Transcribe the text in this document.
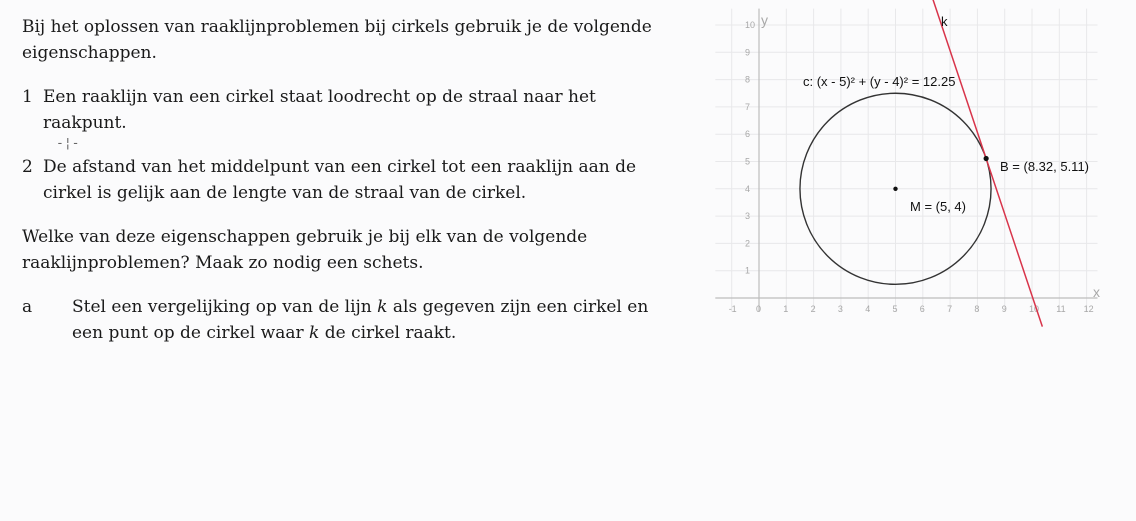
Bij het oplossen van raaklijnproblemen bij cirkels gebruik je de volgende eigenschappen.

1 Een raaklijn van een cirkel staat loodrecht op de straal naar het raakpunt.
2 De afstand van het middelpunt van een cirkel tot een raaklijn aan de cirkel is gelijk aan de lengte van de straal van de cirkel.

Welke van deze eigenschappen gebruik je bij elk van de volgende raaklijnproblemen? Maak zo nodig een schets.

a	Stel een vergelijking op van de lijn k als gegeven zijn een cirkel en een punt op de cirkel waar k de cirkel raakt.
-¦-
-1 0 1 2 3 4 5 6 7 8 9 10 11 12
1
2
3
4
5
6
7
8
9
10
c: (x - 5)² + (y - 4)² = 12.25
M = (5, 4)
B = (8.32, 5.11)
k
x
y
